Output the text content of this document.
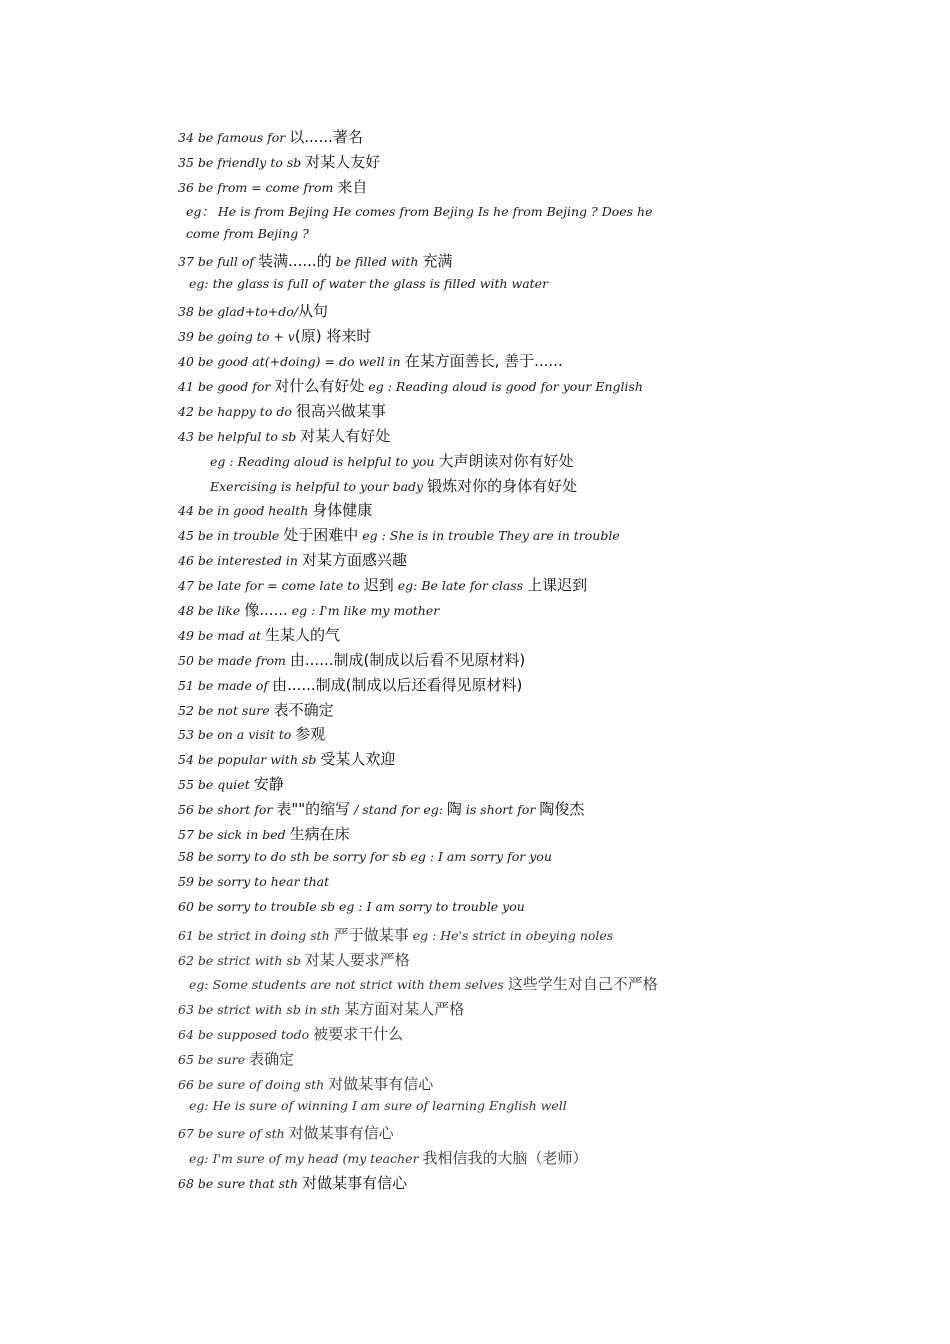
34 be famous for 以......著名
35 be friendly to sb 对某人友好
36 be from = come from 来自
eg： He is from Bejing He comes from Bejing Is he from Bejing ? Does he
come from Bejing ?
37 be full of 装满......的 be filled with 充满
eg: the glass is full of water the glass is filled with water
38 be glad+to+do/从句
39 be going to + v(原) 将来时
40 be good at(+doing) = do well in 在某方面善长, 善于......
41 be good for 对什么有好处 eg : Reading aloud is good for your English
42 be happy to do 很高兴做某事
43 be helpful to sb 对某人有好处
eg : Reading aloud is helpful to you 大声朗读对你有好处
Exercising is helpful to your bady 锻炼对你的身体有好处
44 be in good health 身体健康
45 be in trouble 处于困难中 eg : She is in trouble They are in trouble
46 be interested in 对某方面感兴趣
47 be late for = come late to 迟到 eg: Be late for class 上课迟到
48 be like 像...... eg : I'm like my mother
49 be mad at 生某人的气
50 be made from 由......制成(制成以后看不见原材料)
51 be made of 由......制成(制成以后还看得见原材料)
52 be not sure 表不确定
53 be on a visit to 参观
54 be popular with sb 受某人欢迎
55 be quiet 安静
56 be short for 表""的缩写 / stand for eg: 陶 is short for 陶俊杰
57 be sick in bed 生病在床
58 be sorry to do sth be sorry for sb eg : I am sorry for you
59 be sorry to hear that
60 be sorry to trouble sb eg : I am sorry to trouble you
61 be strict in doing sth 严于做某事 eg : He's strict in obeying noles
62 be strict with sb 对某人要求严格
eg: Some students are not strict with them selves 这些学生对自己不严格
63 be strict with sb in sth 某方面对某人严格
64 be supposed todo 被要求干什么
65 be sure 表确定
66 be sure of doing sth 对做某事有信心
eg: He is sure of winning I am sure of learning English well
67 be sure of sth 对做某事有信心
eg: I'm sure of my head (my teacher 我相信我的大脑（老师）
68 be sure that sth 对做某事有信心
